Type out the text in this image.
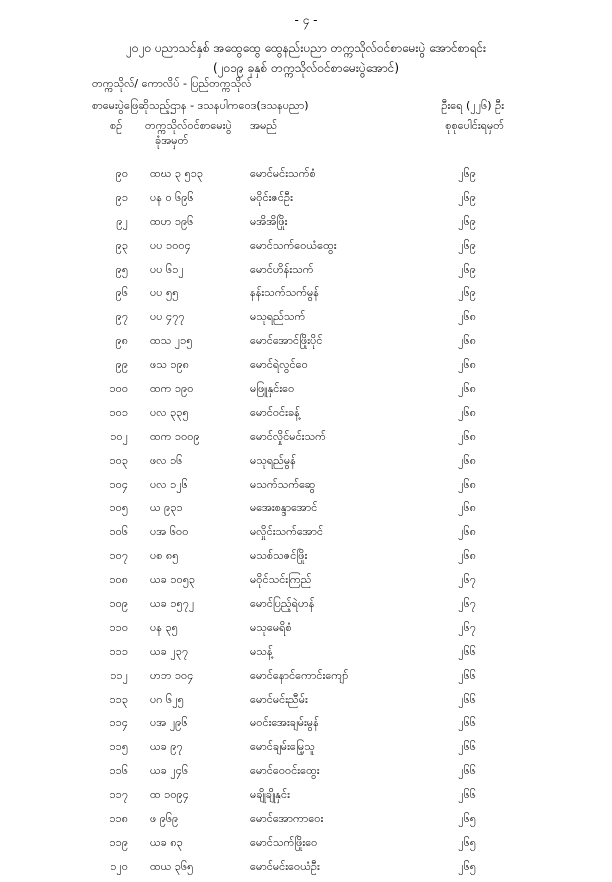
- ၄ -
၂၀၂၀ ပညာသင်နှစ် အထွေထွေ ထွေနည်းပညာ တက္ကသိုလ်ဝင်စာမေးပွဲ အောင်စာရင်း
(၂၀၁၉ ခုနှစ် တက္ကသိုလ်ဝင်စာမေးပွဲအောင်)
တက္ကသိုလ်/ ကောလိပ် - ပြည်တက္ကသိုလ်
စာမေးပွဲဖြေဆိုသည့်ဌာန - ဒသနပါကဝေဒ(ဒသနပညာ)	ဦးရေ (၂၂၆) ဦး
စဉ် တက္ကသိုလ်ဝင်စာမေးပွဲ
ခုံအမှတ်
အမည်	စုစုပေါင်းရမှတ်
၉၀ ထဃ ၃ ၅၁၃	မောင်မင်းသက်စံ	၂၆၉
၉၁ ပန ၀ ၆၉၆	မဝိုင်းဇင်ဦး	၂၆၉
၉၂ ထဟ ၁၉၆	မအိအိဖြိုး	၂၆၉
၉၃ ပပ ၁၀၀၄	မောင်သက်ဝေယံထွေး	၂၆၉
၉၅ ပပ ၆၁၂	မောင်ဟိန်းသက်	၂၆၉
၉၆ ပပ ၅၅	နန်းသက်သက်မွန်	၂၆၉
၉၇ ပပ ၄၇၇	မသုရည်သက်	၂၆၈
၉၈ ထသ ၂၁၅	မောင်အောင်ဖြိုးပိုင်	၂၆၈
၉၉ ဖသ ၁၉၈	မောင်ရဲလွင်ဝေ	၂၆၈
၁၀၀ ထက ၁၉၀	မဖြူနှင်းဝေ	၂၆၈
၁၀၁ ပလ ၃၃၅	မောင်ဝင်းခန့်	၂၆၈
၁၀၂ ထက ၁၀၀၉	မောင်လှိုင်မင်းသက်	၂၆၈
၁၀၃ ဖလ ၁၆	မသုရည်မွန်	၂၆၈
၁၀၄ ပလ ၁၂၆	မသက်သက်ဆွေ	၂၆၈
၁၀၅ ယ ၉၃၁	မအေးစန္ဒာအောင်	၂၆၈
၁၀၆ ပအ ၆၀၀	မလှိုင်းသက်အောင်	၂၆၈
၁၀၇ ပစ ၈၅	မသစ်သဇင်ဖြိုး	၂၆၈
၁၀၈ ယခ ၁၀၅၃	မဝိုင်သင်းကြည်	၂၆၇
၁၀၉ ယခ ၁၅၇၂	မောင်ပြည့်ရဲဟန်	၂၆၇
၁၁၀ ပန ၃၅	မသုမေရိစံ	၂၆၇
၁၁၁ ယခ ၂၃၇	မသန့်	၂၆၆
၁၁၂ ဟဘ ၁၀၄	မောင်နောင်ကောင်းကျော်	၂၆၆
၁၁၃ ပဂ ၆၂၅	မောင်မင်းညီမ်း	၂၆၆
၁၁၄ ပအ ၂၉၆	မဝင်းအေးချမ်းမွန်	၂၆၆
၁၁၅ ယခ ၉၇	မောင်ချမ်းမြေ့သူ	၂၆၆
၁၁၆ ယခ ၂၄၆	မောင်ဝေဝင်းထွေး	၂၆၆
၁၁၇ ထ ၁၀၉၄	မချိုချိုနှင်း	၂၆၆
၁၁၈ ဖ ၉၆၉	မောင်အောကာဝေး	၂၆၅
၁၁၉ ယခ ၈၃	မောင်သက်ဖြိုးဝေ	၂၆၅
၁၂၀ ထယ ၃၆၅	မောင်မင်းဝေယံဦး	၂၆၅
